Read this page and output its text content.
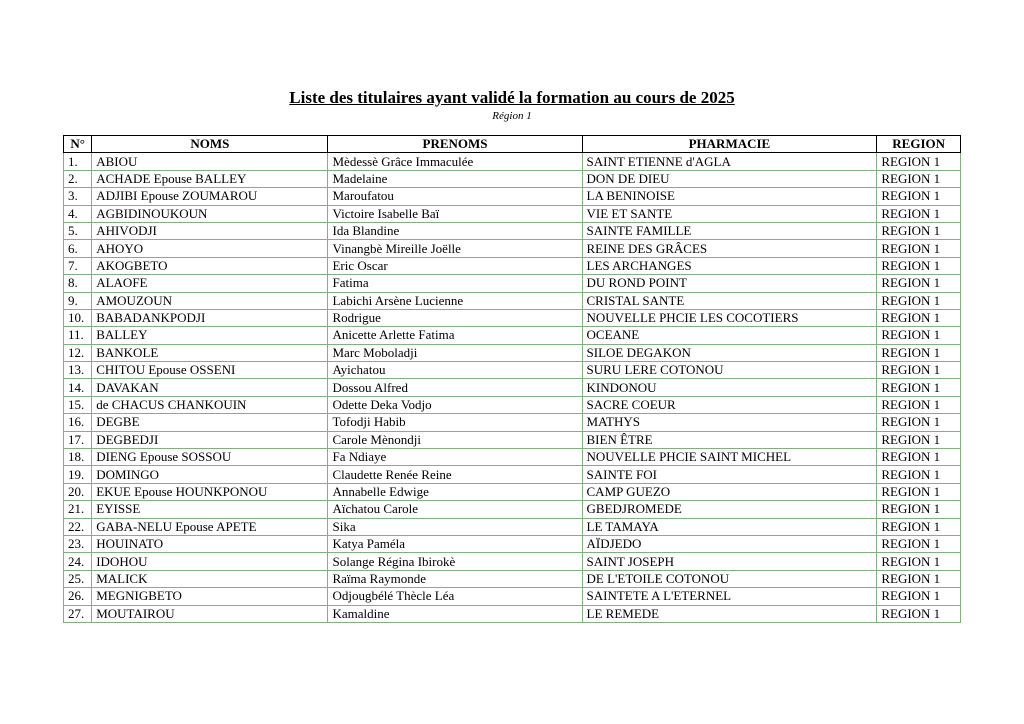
Liste des titulaires ayant validé la formation au cours de 2025
Région 1
N°	NOMS	PRENOMS	PHARMACIE	REGION
1.	ABIOU	Mèdessè Grâce Immaculée	SAINT ETIENNE d'AGLA	REGION 1
2.	ACHADE Epouse BALLEY	Madelaine	DON DE DIEU	REGION 1
3.	ADJIBI Epouse ZOUMAROU	Maroufatou	LA BENINOISE	REGION 1
4.	AGBIDINOUKOUN	Victoire Isabelle Baï	VIE ET SANTE	REGION 1
5.	AHIVODJI	Ida Blandine	SAINTE FAMILLE	REGION 1
6.	AHOYO	Vinangbè Mireille Joëlle	REINE DES GRÂCES	REGION 1
7.	AKOGBETO	Eric Oscar	LES ARCHANGES	REGION 1
8.	ALAOFE	Fatima	DU ROND POINT	REGION 1
9.	AMOUZOUN	Labichi Arsène Lucienne	CRISTAL SANTE	REGION 1
10.	BABADANKPODJI	Rodrigue	NOUVELLE PHCIE LES COCOTIERS	REGION 1
11.	BALLEY	Anicette Arlette Fatima	OCEANE	REGION 1
12.	BANKOLE	Marc Moboladji	SILOE DEGAKON	REGION 1
13.	CHITOU Epouse OSSENI	Ayichatou	SURU LERE COTONOU	REGION 1
14.	DAVAKAN	Dossou Alfred	KINDONOU	REGION 1
15.	de CHACUS CHANKOUIN	Odette Deka Vodjo	SACRE COEUR	REGION 1
16.	DEGBE	Tofodji Habib	MATHYS	REGION 1
17.	DEGBEDJI	Carole Mènondji	BIEN ÊTRE	REGION 1
18.	DIENG Epouse SOSSOU	Fa Ndiaye	NOUVELLE PHCIE SAINT MICHEL	REGION 1
19.	DOMINGO	Claudette Renée Reine	SAINTE FOI	REGION 1
20.	EKUE Epouse HOUNKPONOU	Annabelle Edwige	CAMP GUEZO	REGION 1
21.	EYISSE	Aïchatou Carole	GBEDJROMEDE	REGION 1
22.	GABA-NELU Epouse APETE	Sika	LE TAMAYA	REGION 1
23.	HOUINATO	Katya Paméla	AÏDJEDO	REGION 1
24.	IDOHOU	Solange Régina Ibirokè	SAINT JOSEPH	REGION 1
25.	MALICK	Raïma Raymonde	DE L'ETOILE COTONOU	REGION 1
26.	MEGNIGBETO	Odjougbélé Thècle Léa	SAINTETE A L'ETERNEL	REGION 1
27.	MOUTAIROU	Kamaldine	LE REMEDE	REGION 1
